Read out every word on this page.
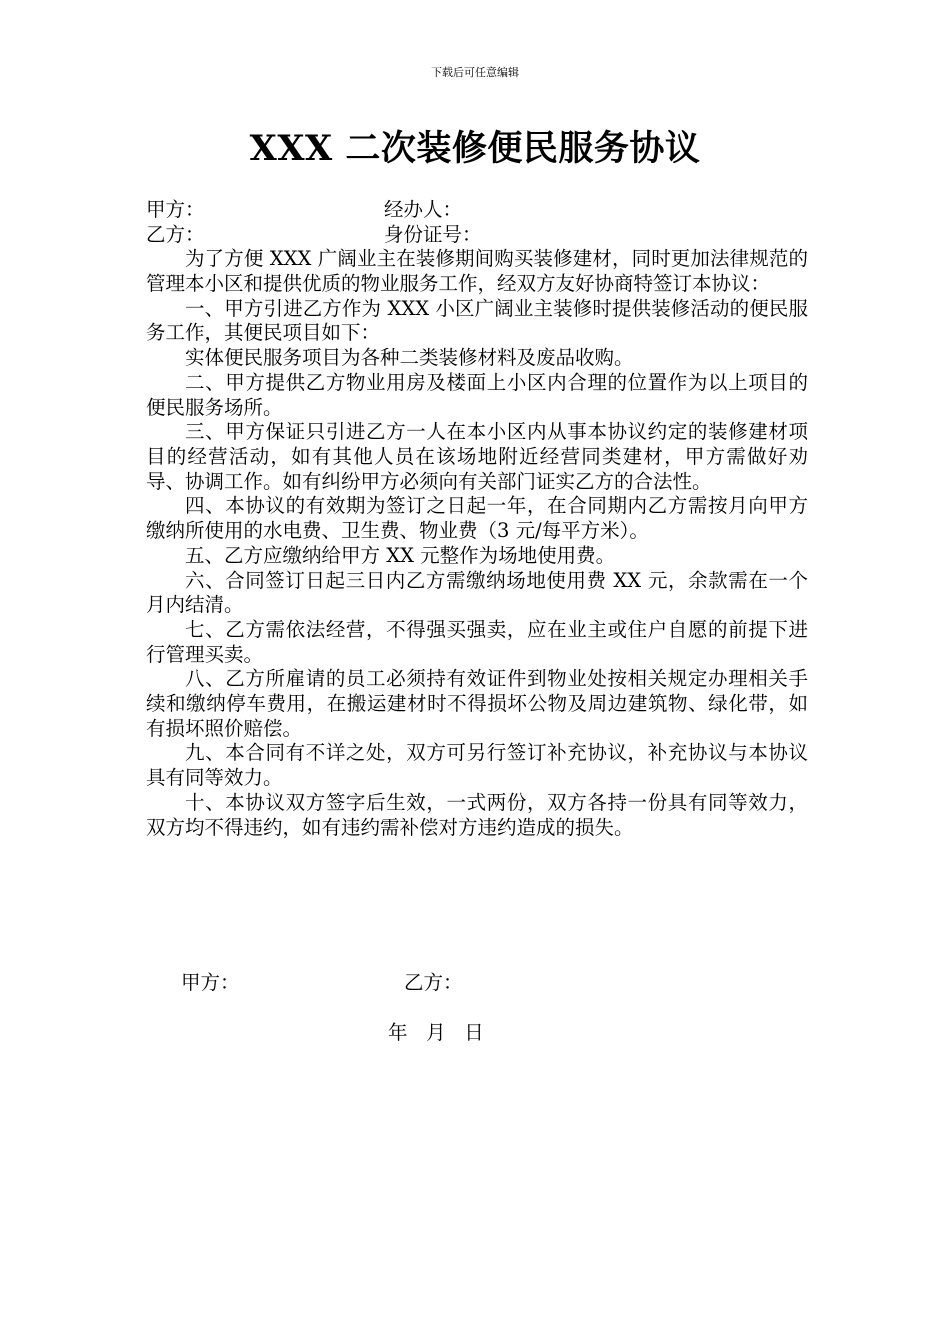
下载后可任意编辑
XXX 二次装修便民服务协议
甲方：	经办人：
乙方：	身份证号：

为了方便 XXX 广阔业主在装修期间购买装修建材，同时更加法律规范的管理本小区和提供优质的物业服务工作，经双方友好协商特签订本协议：

一、甲方引进乙方作为 XXX 小区广阔业主装修时提供装修活动的便民服务工作，其便民项目如下：

实体便民服务项目为各种二类装修材料及废品收购。

二、甲方提供乙方物业用房及楼面上小区内合理的位置作为以上项目的便民服务场所。

三、甲方保证只引进乙方一人在本小区内从事本协议约定的装修建材项目的经营活动，如有其他人员在该场地附近经营同类建材，甲方需做好劝导、协调工作。如有纠纷甲方必须向有关部门证实乙方的合法性。

四、本协议的有效期为签订之日起一年，在合同期内乙方需按月向甲方缴纳所使用的水电费、卫生费、物业费（3 元/每平方米）。

五、乙方应缴纳给甲方 XX 元整作为场地使用费。

六、合同签订日起三日内乙方需缴纳场地使用费 XX 元，余款需在一个月内结清。

七、乙方需依法经营，不得强买强卖，应在业主或住户自愿的前提下进行管理买卖。

八、乙方所雇请的员工必须持有效证件到物业处按相关规定办理相关手续和缴纳停车费用，在搬运建材时不得损坏公物及周边建筑物、绿化带，如有损坏照价赔偿。

九、本合同有不详之处，双方可另行签订补充协议，补充协议与本协议具有同等效力。

十、本协议双方签字后生效，一式两份，双方各持一份具有同等效力，双方均不得违约，如有违约需补偿对方违约造成的损失。

甲方：	乙方：
年   月   日
